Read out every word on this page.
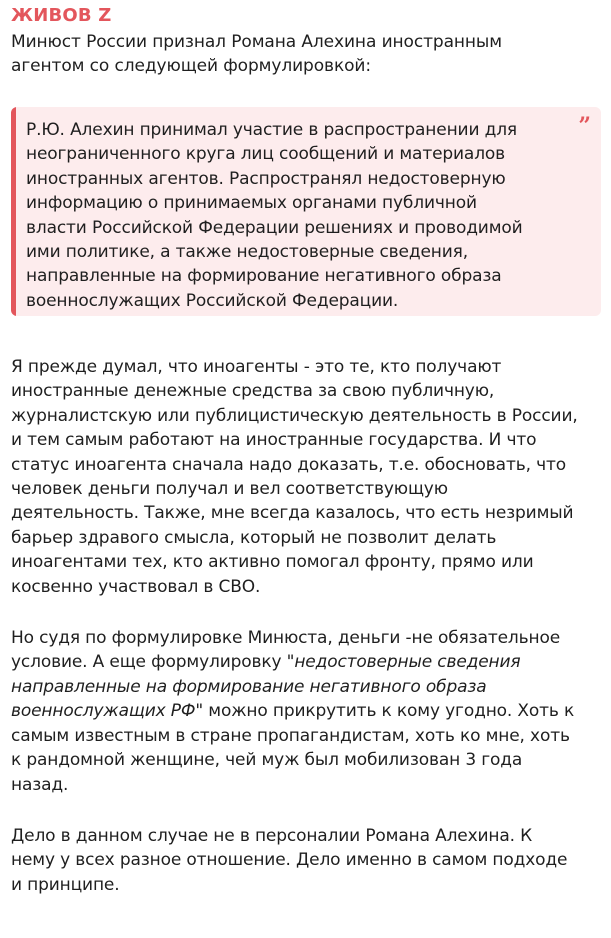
ЖИВОВ Z
Минюст России признал Романа Алехина иностранным
агентом со следующей формулировкой:
Р.Ю. Алехин принимал участие в распространении для
неограниченного круга лиц сообщений и материалов
иностранных агентов. Распространял недостоверную
информацию о принимаемых органами публичной
власти Российской Федерации решениях и проводимой
ими политике, а также недостоверные сведения,
направленные на формирование негативного образа
военнослужащих Российской Федерации.
”
Я прежде думал, что иноагенты - это те, кто получают
иностранные денежные средства за свою публичную,
журналистскую или публицистическую деятельность в России,
и тем самым работают на иностранные государства. И что
статус иноагента сначала надо доказать, т.е. обосновать, что
человек деньги получал и вел соответствующую
деятельность. Также, мне всегда казалось, что есть незримый
барьер здравого смысла, который не позволит делать
иноагентами тех, кто активно помогал фронту, прямо или
косвенно участвовал в СВО.
Но судя по формулировке Минюста, деньги -не обязательное
условие. А еще формулировку "недостоверные сведения
направленные на формирование негативного образа
военнослужащих РФ" можно прикрутить к кому угодно. Хоть к
самым известным в стране пропагандистам, хоть ко мне, хоть
к рандомной женщине, чей муж был мобилизован 3 года
назад.
Дело в данном случае не в персоналии Романа Алехина. К
нему у всех разное отношение. Дело именно в самом подходе
и принципе.
